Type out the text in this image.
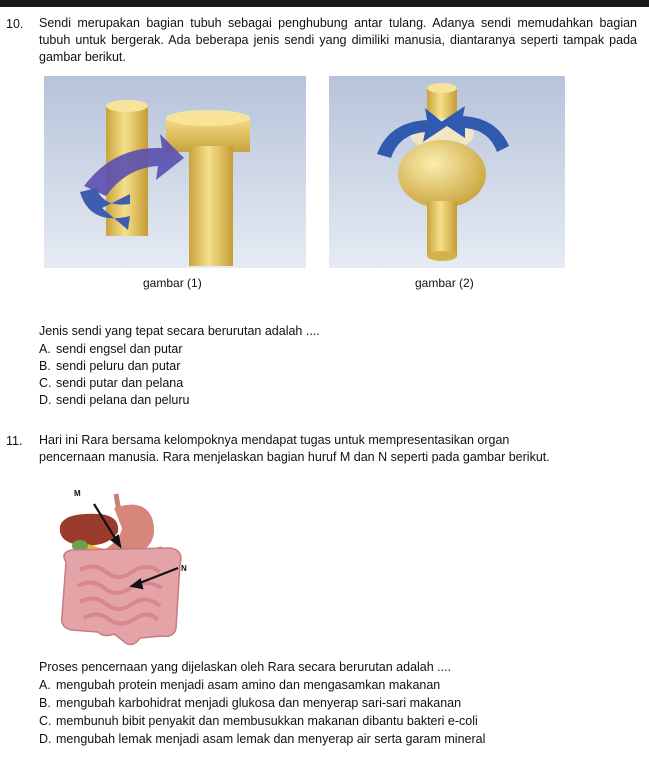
10. Sendi merupakan bagian tubuh sebagai penghubung antar tulang. Adanya sendi memudahkan bagian tubuh untuk bergerak. Ada beberapa jenis sendi yang dimiliki manusia, diantaranya seperti tampak pada gambar berikut.
gambar (1)	gambar (2)
Jenis sendi yang tepat secara berurutan adalah ....
A. sendi engsel dan putar
B. sendi peluru dan putar
C. sendi putar dan pelana
D. sendi pelana dan peluru
11. Hari ini Rara bersama kelompoknya mendapat tugas untuk mempresentasikan organ pencernaan manusia. Rara menjelaskan bagian huruf M dan N seperti pada gambar berikut.
M
N
Proses pencernaan yang dijelaskan oleh Rara secara berurutan adalah ....
A. mengubah protein menjadi asam amino dan mengasamkan makanan
B. mengubah karbohidrat menjadi glukosa dan menyerap sari-sari makanan
C. membunuh bibit penyakit dan membusukkan makanan dibantu bakteri e-coli
D. mengubah lemak menjadi asam lemak dan menyerap air serta garam mineral
